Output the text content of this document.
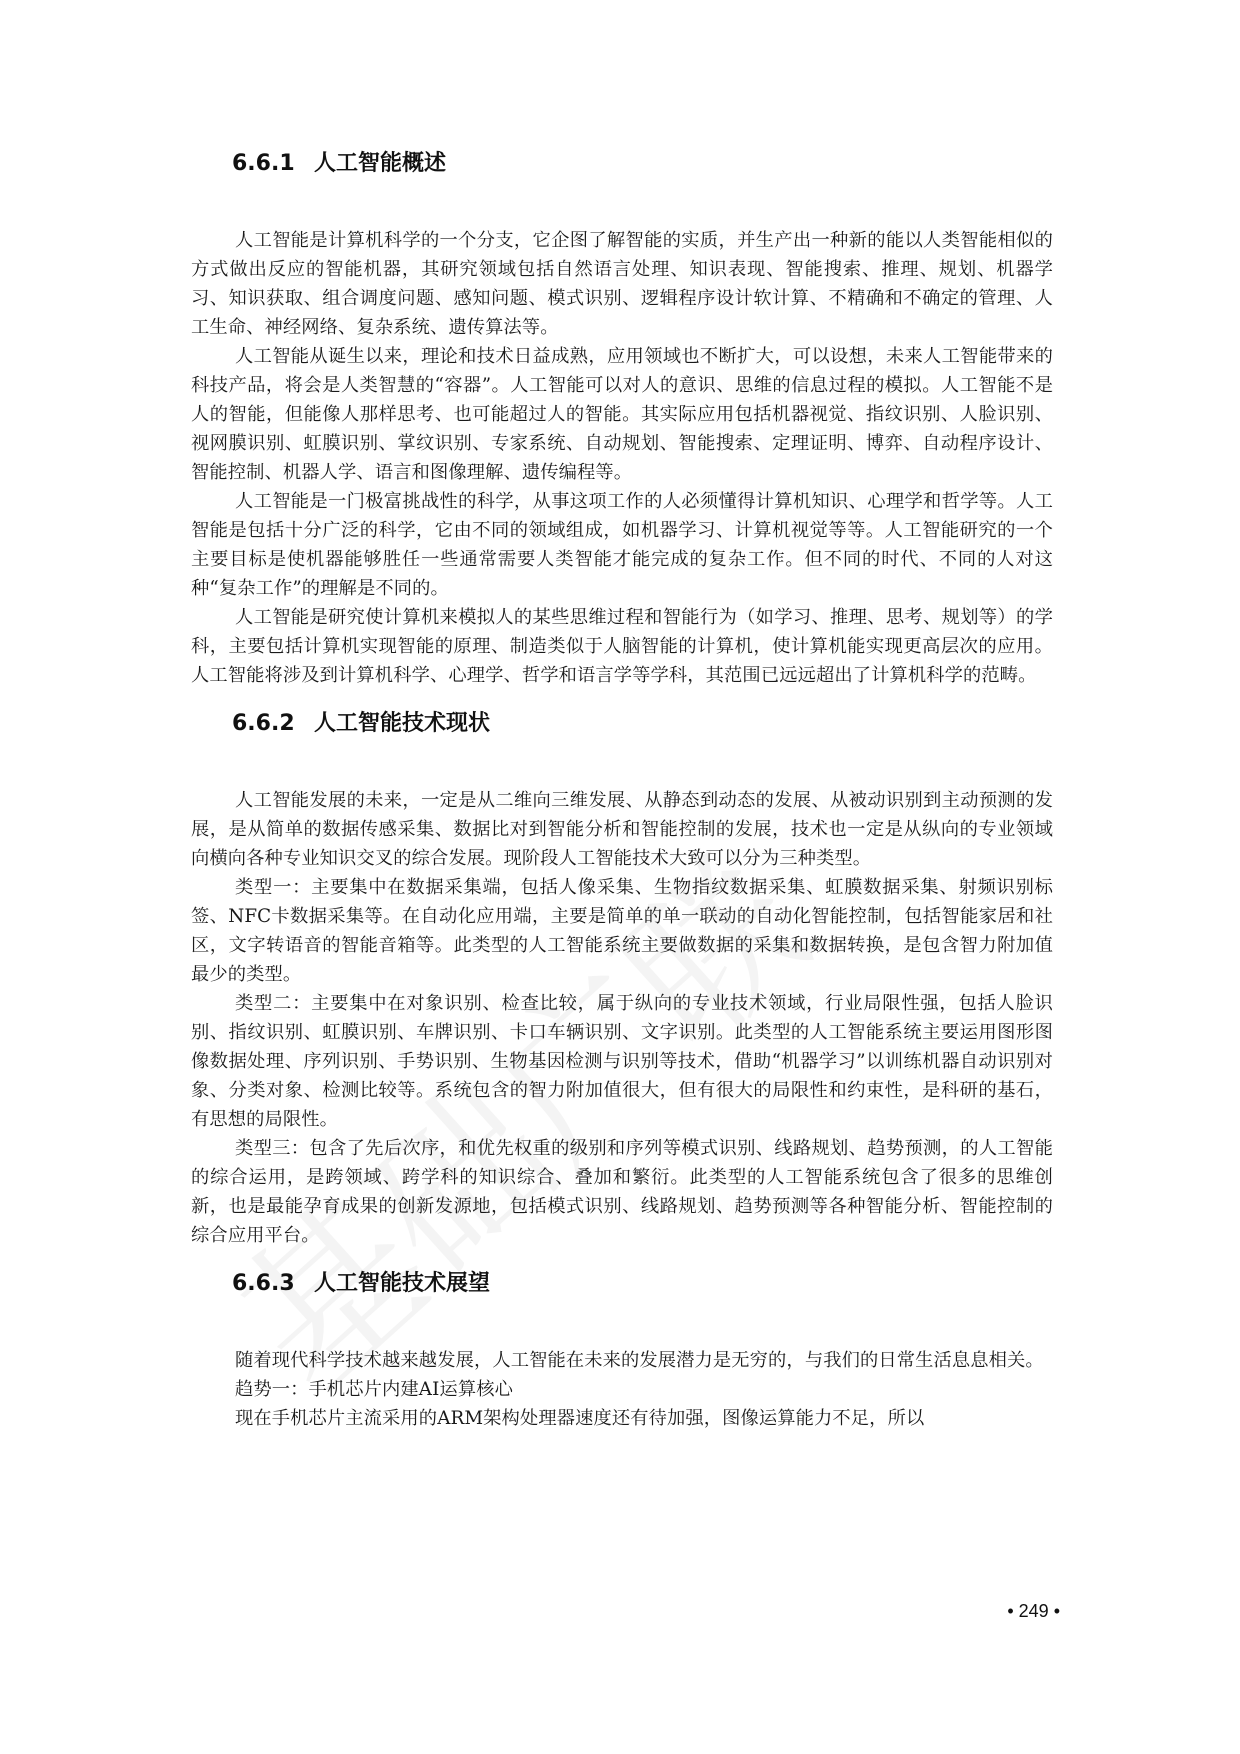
6.6.1 人工智能概述

人工智能是计算机科学的一个分支，它企图了解智能的实质，并生产出一种新的能以人类智能相似的方式做出反应的智能机器，其研究领域包括自然语言处理、知识表现、智能搜索、推理、规划、机器学习、知识获取、组合调度问题、感知问题、模式识别、逻辑程序设计软计算、不精确和不确定的管理、人工生命、神经网络、复杂系统、遗传算法等。

人工智能从诞生以来，理论和技术日益成熟，应用领域也不断扩大，可以设想，未来人工智能带来的科技产品，将会是人类智慧的“容器”。人工智能可以对人的意识、思维的信息过程的模拟。人工智能不是人的智能，但能像人那样思考、也可能超过人的智能。其实际应用包括机器视觉、指纹识别、人脸识别、视网膜识别、虹膜识别、掌纹识别、专家系统、自动规划、智能搜索、定理证明、博弈、自动程序设计、智能控制、机器人学、语言和图像理解、遗传编程等。

人工智能是一门极富挑战性的科学，从事这项工作的人必须懂得计算机知识、心理学和哲学等。人工智能是包括十分广泛的科学，它由不同的领域组成，如机器学习、计算机视觉等等。人工智能研究的一个主要目标是使机器能够胜任一些通常需要人类智能才能完成的复杂工作。但不同的时代、不同的人对这种“复杂工作”的理解是不同的。

人工智能是研究使计算机来模拟人的某些思维过程和智能行为（如学习、推理、思考、规划等）的学科，主要包括计算机实现智能的原理、制造类似于人脑智能的计算机，使计算机能实现更高层次的应用。人工智能将涉及到计算机科学、心理学、哲学和语言学等学科，其范围已远远超出了计算机科学的范畴。

6.6.2 人工智能技术现状

人工智能发展的未来，一定是从二维向三维发展、从静态到动态的发展、从被动识别到主动预测的发展，是从简单的数据传感采集、数据比对到智能分析和智能控制的发展，技术也一定是从纵向的专业领域向横向各种专业知识交叉的综合发展。现阶段人工智能技术大致可以分为三种类型。

类型一：主要集中在数据采集端，包括人像采集、生物指纹数据采集、虹膜数据采集、射频识别标签、NFC卡数据采集等。在自动化应用端，主要是简单的单一联动的自动化智能控制，包括智能家居和社区，文字转语音的智能音箱等。此类型的人工智能系统主要做数据的采集和数据转换，是包含智力附加值最少的类型。

类型二：主要集中在对象识别、检查比较，属于纵向的专业技术领域，行业局限性强，包括人脸识别、指纹识别、虹膜识别、车牌识别、卡口车辆识别、文字识别。此类型的人工智能系统主要运用图形图像数据处理、序列识别、手势识别、生物基因检测与识别等技术，借助“机器学习”以训练机器自动识别对象、分类对象、检测比较等。系统包含的智力附加值很大，但有很大的局限性和约束性，是科研的基石，有思想的局限性。

类型三：包含了先后次序，和优先权重的级别和序列等模式识别、线路规划、趋势预测，的人工智能的综合运用，是跨领域、跨学科的知识综合、叠加和繁衍。此类型的人工智能系统包含了很多的思维创新，也是最能孕育成果的创新发源地，包括模式识别、线路规划、趋势预测等各种智能分析、智能控制的综合应用平台。

6.6.3 人工智能技术展望

随着现代科学技术越来越发展，人工智能在未来的发展潜力是无穷的，与我们的日常生活息息相关。

趋势一：手机芯片内建AI运算核心

现在手机芯片主流采用的ARM架构处理器速度还有待加强，图像运算能力不足，所以

• 249 •
